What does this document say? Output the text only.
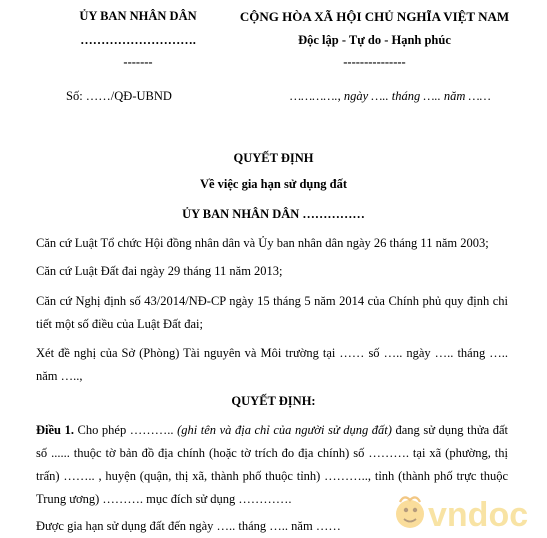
ỦY BAN NHÂN DÂN
……………………….
-------
CỘNG HÒA XÃ HỘI CHỦ NGHĨA VIỆT NAM
Độc lập - Tự do - Hạnh phúc
---------------
Số: ……/QĐ-UBND	…………., ngày ….. tháng ….. năm ……
QUYẾT ĐỊNH
Về việc gia hạn sử dụng đất
ỦY BAN NHÂN DÂN ……………
Căn cứ Luật Tổ chức Hội đồng nhân dân và Ủy ban nhân dân ngày 26 tháng 11 năm 2003;
Căn cứ Luật Đất đai ngày 29 tháng 11 năm 2013;
Căn cứ Nghị định số 43/2014/NĐ-CP ngày 15 tháng 5 năm 2014 của Chính phủ quy định chi tiết một số điều của Luật Đất đai;
Xét đề nghị của Sở (Phòng) Tài nguyên và Môi trường tại …… số ….. ngày ….. tháng ….. năm …..,
QUYẾT ĐỊNH:
Điều 1. Cho phép ……….. (ghi tên và địa chỉ của người sử dụng đất) đang sử dụng thửa đất số ...... thuộc tờ bản đồ địa chính (hoặc tờ trích đo địa chính) số ………. tại xã (phường, thị trấn) …….. , huyện (quận, thị xã, thành phố thuộc tỉnh) ……….., tỉnh (thành phố trực thuộc Trung ương) ………. mục đích sử dụng ………….
Được gia hạn sử dụng đất đến ngày ….. tháng ….. năm ……	vndoc
